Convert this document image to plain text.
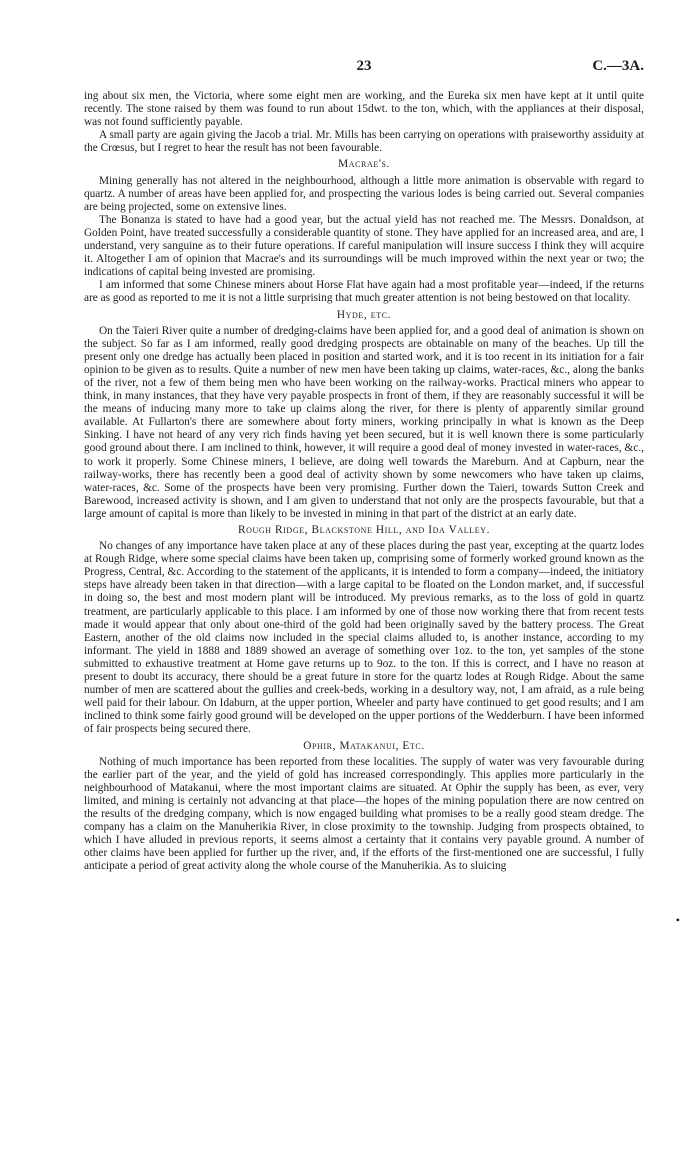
23	C.—3A.

ing about six men, the Victoria, where some eight men are working, and the Eureka six men have kept at it until quite recently. The stone raised by them was found to run about 15dwt. to the ton, which, with the appliances at their disposal, was not found sufficiently payable.

A small party are again giving the Jacob a trial. Mr. Mills has been carrying on operations with praiseworthy assiduity at the Crœsus, but I regret to hear the result has not been favourable.

Macrae's.

Mining generally has not altered in the neighbourhood, although a little more animation is observable with regard to quartz. A number of areas have been applied for, and prospecting the various lodes is being carried out. Several companies are being projected, some on extensive lines.

The Bonanza is stated to have had a good year, but the actual yield has not reached me. The Messrs. Donaldson, at Golden Point, have treated successfully a considerable quantity of stone. They have applied for an increased area, and are, I understand, very sanguine as to their future operations. If careful manipulation will insure success I think they will acquire it. Altogether I am of opinion that Macrae's and its surroundings will be much improved within the next year or two; the indications of capital being invested are promising.

I am informed that some Chinese miners about Horse Flat have again had a most profitable year—indeed, if the returns are as good as reported to me it is not a little surprising that much greater attention is not being bestowed on that locality.

Hyde, etc.

On the Taieri River quite a number of dredging-claims have been applied for, and a good deal of animation is shown on the subject. So far as I am informed, really good dredging prospects are obtainable on many of the beaches. Up till the present only one dredge has actually been placed in position and started work, and it is too recent in its initiation for a fair opinion to be given as to results. Quite a number of new men have been taking up claims, water-races, &c., along the banks of the river, not a few of them being men who have been working on the railway-works. Practical miners who appear to think, in many instances, that they have very payable prospects in front of them, if they are reasonably successful it will be the means of inducing many more to take up claims along the river, for there is plenty of apparently similar ground available. At Fullarton's there are somewhere about forty miners, working principally in what is known as the Deep Sinking. I have not heard of any very rich finds having yet been secured, but it is well known there is some particularly good ground about there. I am inclined to think, however, it will require a good deal of money invested in water-races, &c., to work it properly. Some Chinese miners, I believe, are doing well towards the Mareburn. And at Capburn, near the railway-works, there has recently been a good deal of activity shown by some newcomers who have taken up claims, water-races, &c. Some of the prospects have been very promising. Further down the Taieri, towards Sutton Creek and Barewood, increased activity is shown, and I am given to understand that not only are the prospects favourable, but that a large amount of capital is more than likely to be invested in mining in that part of the district at an early date.

Rough Ridge, Blackstone Hill, and Ida Valley.

No changes of any importance have taken place at any of these places during the past year, excepting at the quartz lodes at Rough Ridge, where some special claims have been taken up, comprising some of formerly worked ground known as the Progress, Central, &c. According to the statement of the applicants, it is intended to form a company—indeed, the initiatory steps have already been taken in that direction—with a large capital to be floated on the London market, and, if successful in doing so, the best and most modern plant will be introduced. My previous remarks, as to the loss of gold in quartz treatment, are particularly applicable to this place. I am informed by one of those now working there that from recent tests made it would appear that only about one-third of the gold had been originally saved by the battery process. The Great Eastern, another of the old claims now included in the special claims alluded to, is another instance, according to my informant. The yield in 1888 and 1889 showed an average of something over 1oz. to the ton, yet samples of the stone submitted to exhaustive treatment at Home gave returns up to 9oz. to the ton. If this is correct, and I have no reason at present to doubt its accuracy, there should be a great future in store for the quartz lodes at Rough Ridge. About the same number of men are scattered about the gullies and creek-beds, working in a desultory way, not, I am afraid, as a rule being well paid for their labour. On Idaburn, at the upper portion, Wheeler and party have continued to get good results; and I am inclined to think some fairly good ground will be developed on the upper portions of the Wedderburn. I have been informed of fair prospects being secured there.

Ophir, Matakanui, Etc.

Nothing of much importance has been reported from these localities. The supply of water was very favourable during the earlier part of the year, and the yield of gold has increased correspondingly. This applies more particularly in the neighbourhood of Matakanui, where the most important claims are situated. At Ophir the supply has been, as ever, very limited, and mining is certainly not advancing at that place—the hopes of the mining population there are now centred on the results of the dredging company, which is now engaged building what promises to be a really good steam dredge. The company has a claim on the Manuherikia River, in close proximity to the township. Judging from prospects obtained, to which I have alluded in previous reports, it seems almost a certainty that it contains very payable ground. A number of other claims have been applied for further up the river, and, if the efforts of the first-mentioned one are successful, I fully anticipate a period of great activity along the whole course of the Manuherikia. As to sluicing

•
